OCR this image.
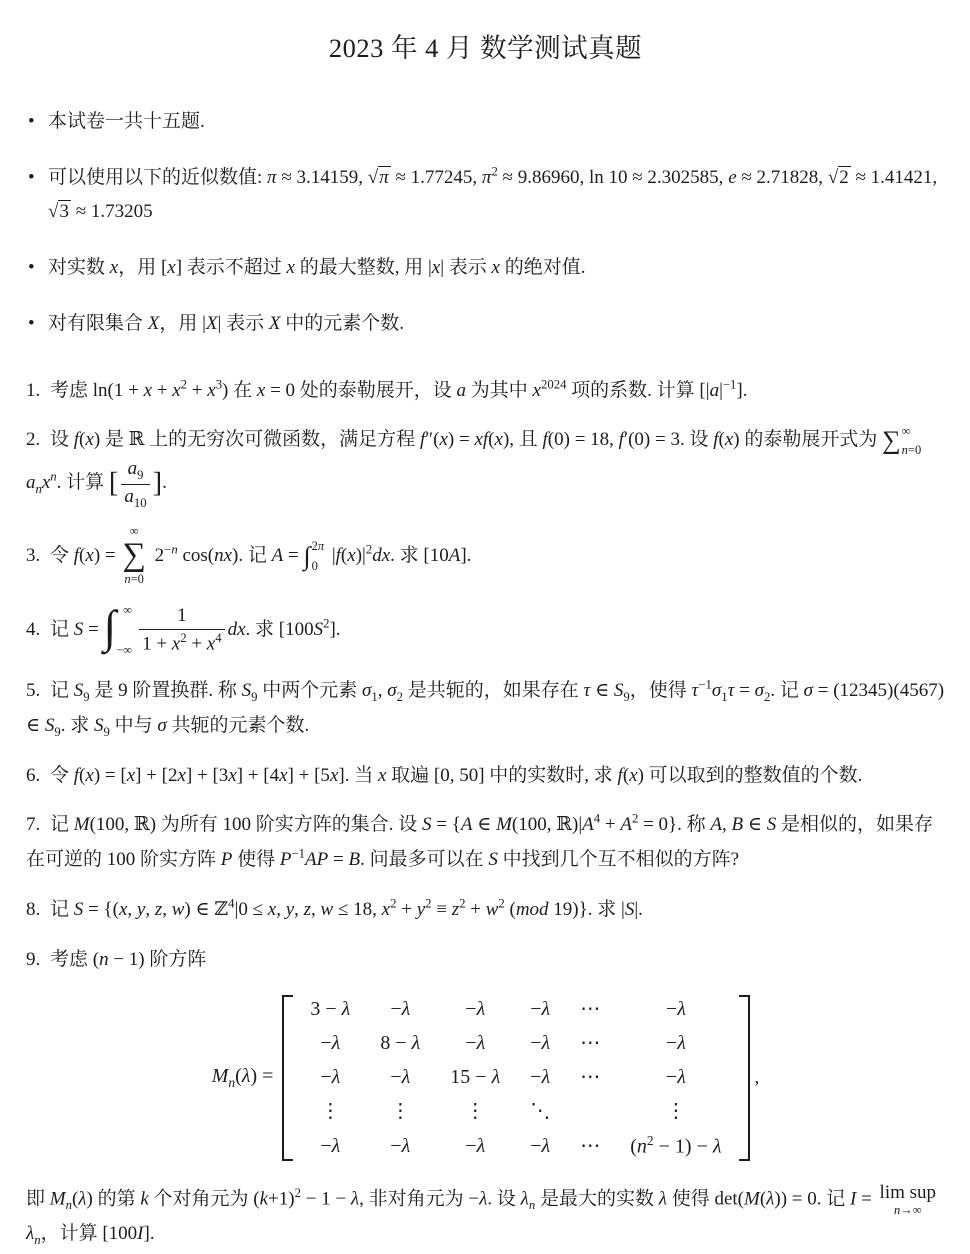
2023 年 4 月 数学测试真题
• 本试卷一共十五题.
• 可以使用以下的近似数值: π ≈ 3.14159, √π ≈ 1.77245, $\pi^2 \approx 9.86960$, ln 10 ≈ 2.302585, e ≈ 2.71828, √2 ≈ 1.41421, √3 ≈ 1.73205
• 对实数 x，用 [x] 表示不超过 x 的最大整数, 用 |x| 表示 x 的绝对值.
• 对有限集合 X，用 |X| 表示 X 中的元素个数.

1. 考虑 $\ln(1 + x + x^2 + x^3)$ 在 x = 0 处的泰勒展开，设 a 为其中 $x^{2024}$ 项的系数. 计算 $[|a|^{-1}]$.

2. 设 f(x) 是 ℝ 上的无穷次可微函数，满足方程 f″(x) = xf(x), 且 f(0) = 18, f′(0) = 3. 设 f(x) 的泰勒展开式为 ∑ ∞
n=0
$a_nx^n$. 计算 [ $\frac{a_9}{a_{10}}$ ].

3. 令 f(x) =
∞
∑
n=0
$2^{-n}$ cos(nx). 记 A = ∫ 2π
0
$|f(x)|^2dx$. 求 [10A].

4. 记 S = ∫ ∞
−∞ $\frac{1}{1 + x^2 + x^4}$ dx. 求 $[100S^2]$.

5. 记 $S_9$ 是 9 阶置换群. 称 $S_9$ 中两个元素 $\sigma_1$, $\sigma_2$ 是共轭的，如果存在 τ ∈ $S_9$，使得 $\tau^{-1}\sigma_1\tau = \sigma_2$. 记 σ = (12345)(4567) ∈ $S_9$. 求 $S_9$ 中与 σ 共轭的元素个数.

6. 令 f(x) = [x] + [2x] + [3x] + [4x] + [5x]. 当 x 取遍 [0, 50] 中的实数时, 求 f(x) 可以取到的整数值的个数.

7. 记 M(100, ℝ) 为所有 100 阶实方阵的集合. 设 S = {A ∈ M(100, $ℝ)|A^4 + A^2 = 0$}. 称 A, B ∈ S 是相似的，如果存在可逆的 100 阶实方阵 P 使得 $P^{-1}AP = B$. 问最多可以在 S 中找到几个互不相似的方阵?

8. 记 S = {(x, y, z, w) ∈ ℤ$^4$|0 ≤ x, y, z, w ≤ 18, $x^2 + y^2 \equiv z^2 + w^2$ (mod 19)}. 求 |S|.

9. 考虑 (n − 1) 阶方阵

$M_n(\lambda)$ =
3 − λ	−λ	−λ	−λ	⋯	−λ
−λ	8 − λ	−λ	−λ	⋯	−λ
−λ	−λ	15 − λ	−λ	⋯	−λ
⋮	⋮	⋮	⋱		⋮
−λ	−λ	−λ	−λ	⋯	$(n^2 - 1) - \lambda$
,

即 $M_n(\lambda)$ 的第 k 个对角元为 $(k+1)^2 - 1 - \lambda$, 非对角元为 −λ. 设 $\lambda_n$ 是最大的实数 λ 使得 det(M(λ)) = 0. 记 I = lim sup
n→∞
$\lambda_n$，计算 [100I].
